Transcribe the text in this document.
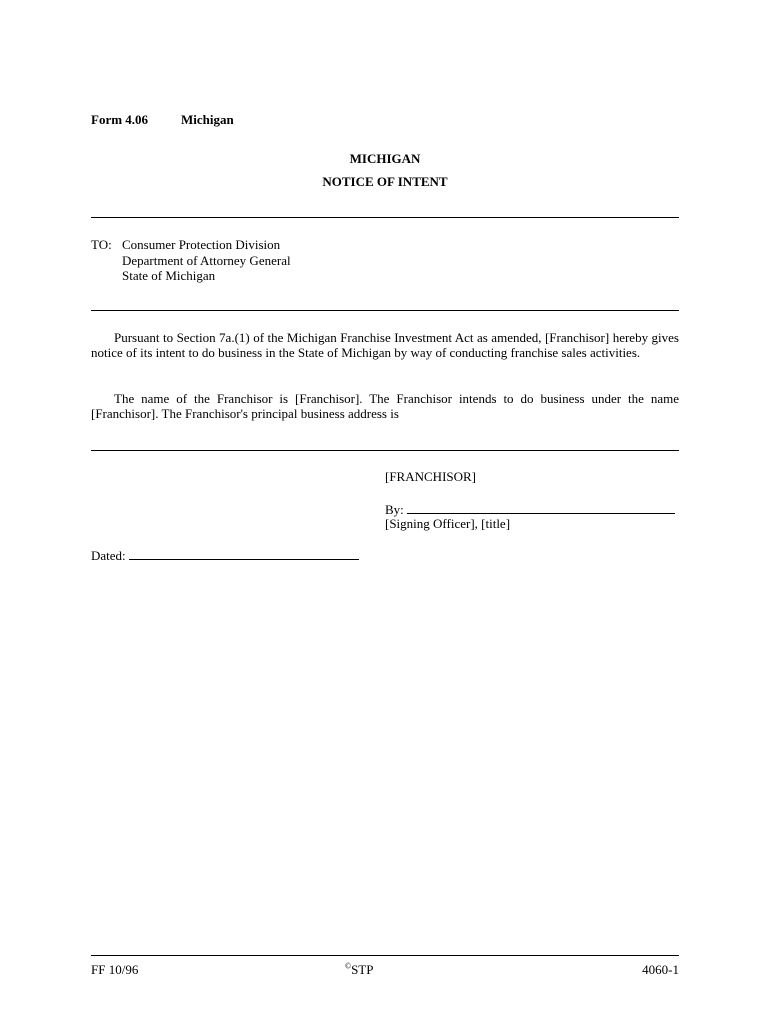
Form 4.06	Michigan
MICHIGAN
NOTICE OF INTENT
TO: Consumer Protection Division
Department of Attorney General
State of Michigan
Pursuant to Section 7a.(1) of the Michigan Franchise Investment Act as amended, [Franchisor] hereby gives notice of its intent to do business in the State of Michigan by way of conducting franchise sales activities.
The name of the Franchisor is [Franchisor]. The Franchisor intends to do business under the name [Franchisor]. The Franchisor's principal business address is
[FRANCHISOR]
By:
[Signing Officer], [title]
Dated:
FF 10/96	©STP	4060-1
